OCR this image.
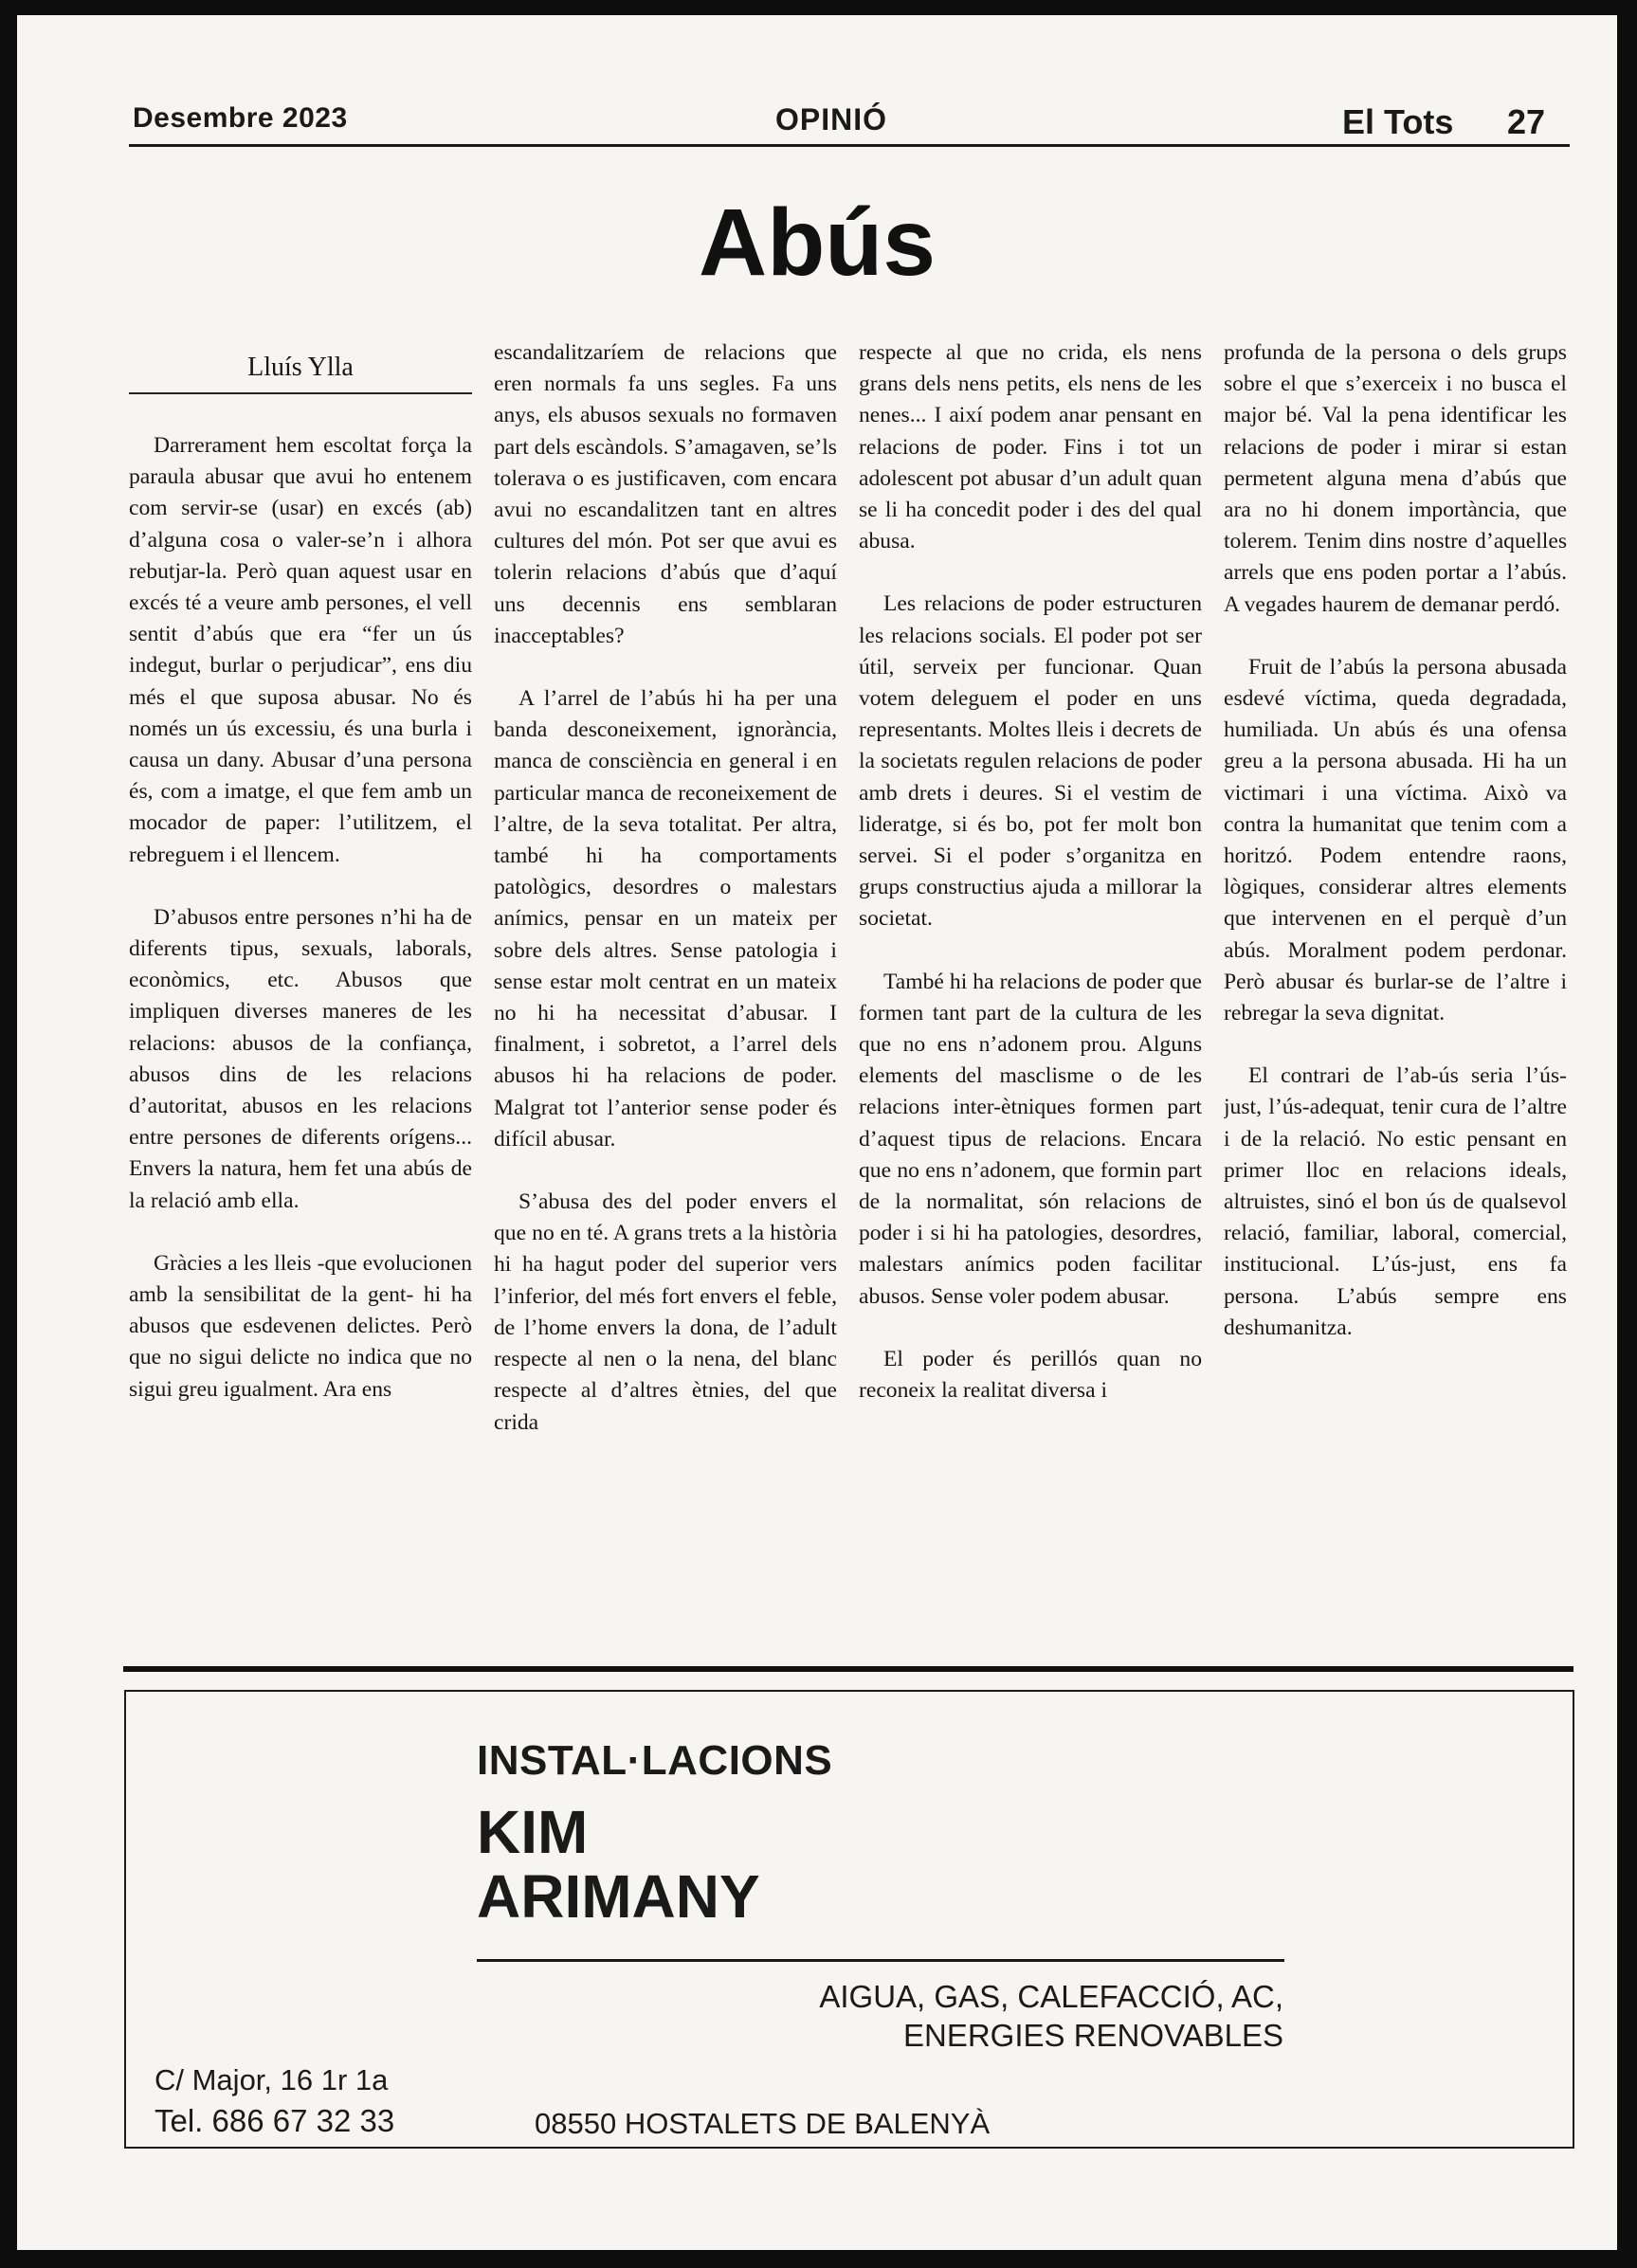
Desembre 2023	OPINIÓ	El Tots 27
Abús
Lluís Ylla

Darrerament hem escoltat força la paraula abusar que avui ho entenem com servir-se (usar) en excés (ab) d’alguna cosa o valer-se’n i alhora rebutjar-la. Però quan aquest usar en excés té a veure amb persones, el vell sentit d’abús que era “fer un ús indegut, burlar o perjudicar”, ens diu més el que suposa abusar. No és només un ús excessiu, és una burla i causa un dany. Abusar d’una persona és, com a imatge, el que fem amb un mocador de paper: l’utilitzem, el rebreguem i el llencem.

D’abusos entre persones n’hi ha de diferents tipus, sexuals, laborals, econòmics, etc. Abusos que impliquen diverses maneres de les relacions: abusos de la confiança, abusos dins de les relacions d’autoritat, abusos en les relacions entre persones de diferents orígens... Envers la natura, hem fet una abús de la relació amb ella.

Gràcies a les lleis -que evolucionen amb la sensibilitat de la gent- hi ha abusos que esdevenen delictes. Però que no sigui delicte no indica que no sigui greu igualment. Ara ens

escandalitzaríem de relacions que eren normals fa uns segles. Fa uns anys, els abusos sexuals no formaven part dels escàndols. S’amagaven, se’ls tolerava o es justificaven, com encara avui no escandalitzen tant en altres cultures del món. Pot ser que avui es tolerin relacions d’abús que d’aquí uns decennis ens semblaran inacceptables?

A l’arrel de l’abús hi ha per una banda desconeixement, ignorància, manca de consciència en general i en particular manca de reconeixement de l’altre, de la seva totalitat. Per altra, també hi ha comportaments patològics, desordres o malestars anímics, pensar en un mateix per sobre dels altres. Sense patologia i sense estar molt centrat en un mateix no hi ha necessitat d’abusar. I finalment, i sobretot, a l’arrel dels abusos hi ha relacions de poder. Malgrat tot l’anterior sense poder és difícil abusar.

S’abusa des del poder envers el que no en té. A grans trets a la història hi ha hagut poder del superior vers l’inferior, del més fort envers el feble, de l’home envers la dona, de l’adult respecte al nen o la nena, del blanc respecte al d’altres ètnies, del que crida

respecte al que no crida, els nens grans dels nens petits, els nens de les nenes... I així podem anar pensant en relacions de poder. Fins i tot un adolescent pot abusar d’un adult quan se li ha concedit poder i des del qual abusa.

Les relacions de poder estructuren les relacions socials. El poder pot ser útil, serveix per funcionar. Quan votem deleguem el poder en uns representants. Moltes lleis i decrets de la societats regulen relacions de poder amb drets i deures. Si el vestim de lideratge, si és bo, pot fer molt bon servei. Si el poder s’organitza en grups constructius ajuda a millorar la societat.

També hi ha relacions de poder que formen tant part de la cultura de les que no ens n’adonem prou. Alguns elements del masclisme o de les relacions inter-ètniques formen part d’aquest tipus de relacions. Encara que no ens n’adonem, que formin part de la normalitat, són relacions de poder i si hi ha patologies, desordres, malestars anímics poden facilitar abusos. Sense voler podem abusar.

El poder és perillós quan no reconeix la realitat diversa i

profunda de la persona o dels grups sobre el que s’exerceix i no busca el major bé. Val la pena identificar les relacions de poder i mirar si estan permetent alguna mena d’abús que ara no hi donem importància, que tolerem. Tenim dins nostre d’aquelles arrels que ens poden portar a l’abús. A vegades haurem de demanar perdó.

Fruit de l’abús la persona abusada esdevé víctima, queda degradada, humiliada. Un abús és una ofensa greu a la persona abusada. Hi ha un victimari i una víctima. Això va contra la humanitat que tenim com a horitzó. Podem entendre raons, lògiques, considerar altres elements que intervenen en el perquè d’un abús. Moralment podem perdonar. Però abusar és burlar-se de l’altre i rebregar la seva dignitat.

El contrari de l’ab-ús seria l’ús-just, l’ús-adequat, tenir cura de l’altre i de la relació. No estic pensant en primer lloc en relacions ideals, altruistes, sinó el bon ús de qualsevol relació, familiar, laboral, comercial, institucional. L’ús-just, ens fa persona. L’abús sempre ens deshumanitza.

INSTAL·LACIONS
KIM
ARIMANY
AIGUA, GAS, CALEFACCIÓ, AC,
ENERGIES RENOVABLES
C/ Major, 16 1r 1a
Tel. 686 67 32 33	08550 HOSTALETS DE BALENYÀ
